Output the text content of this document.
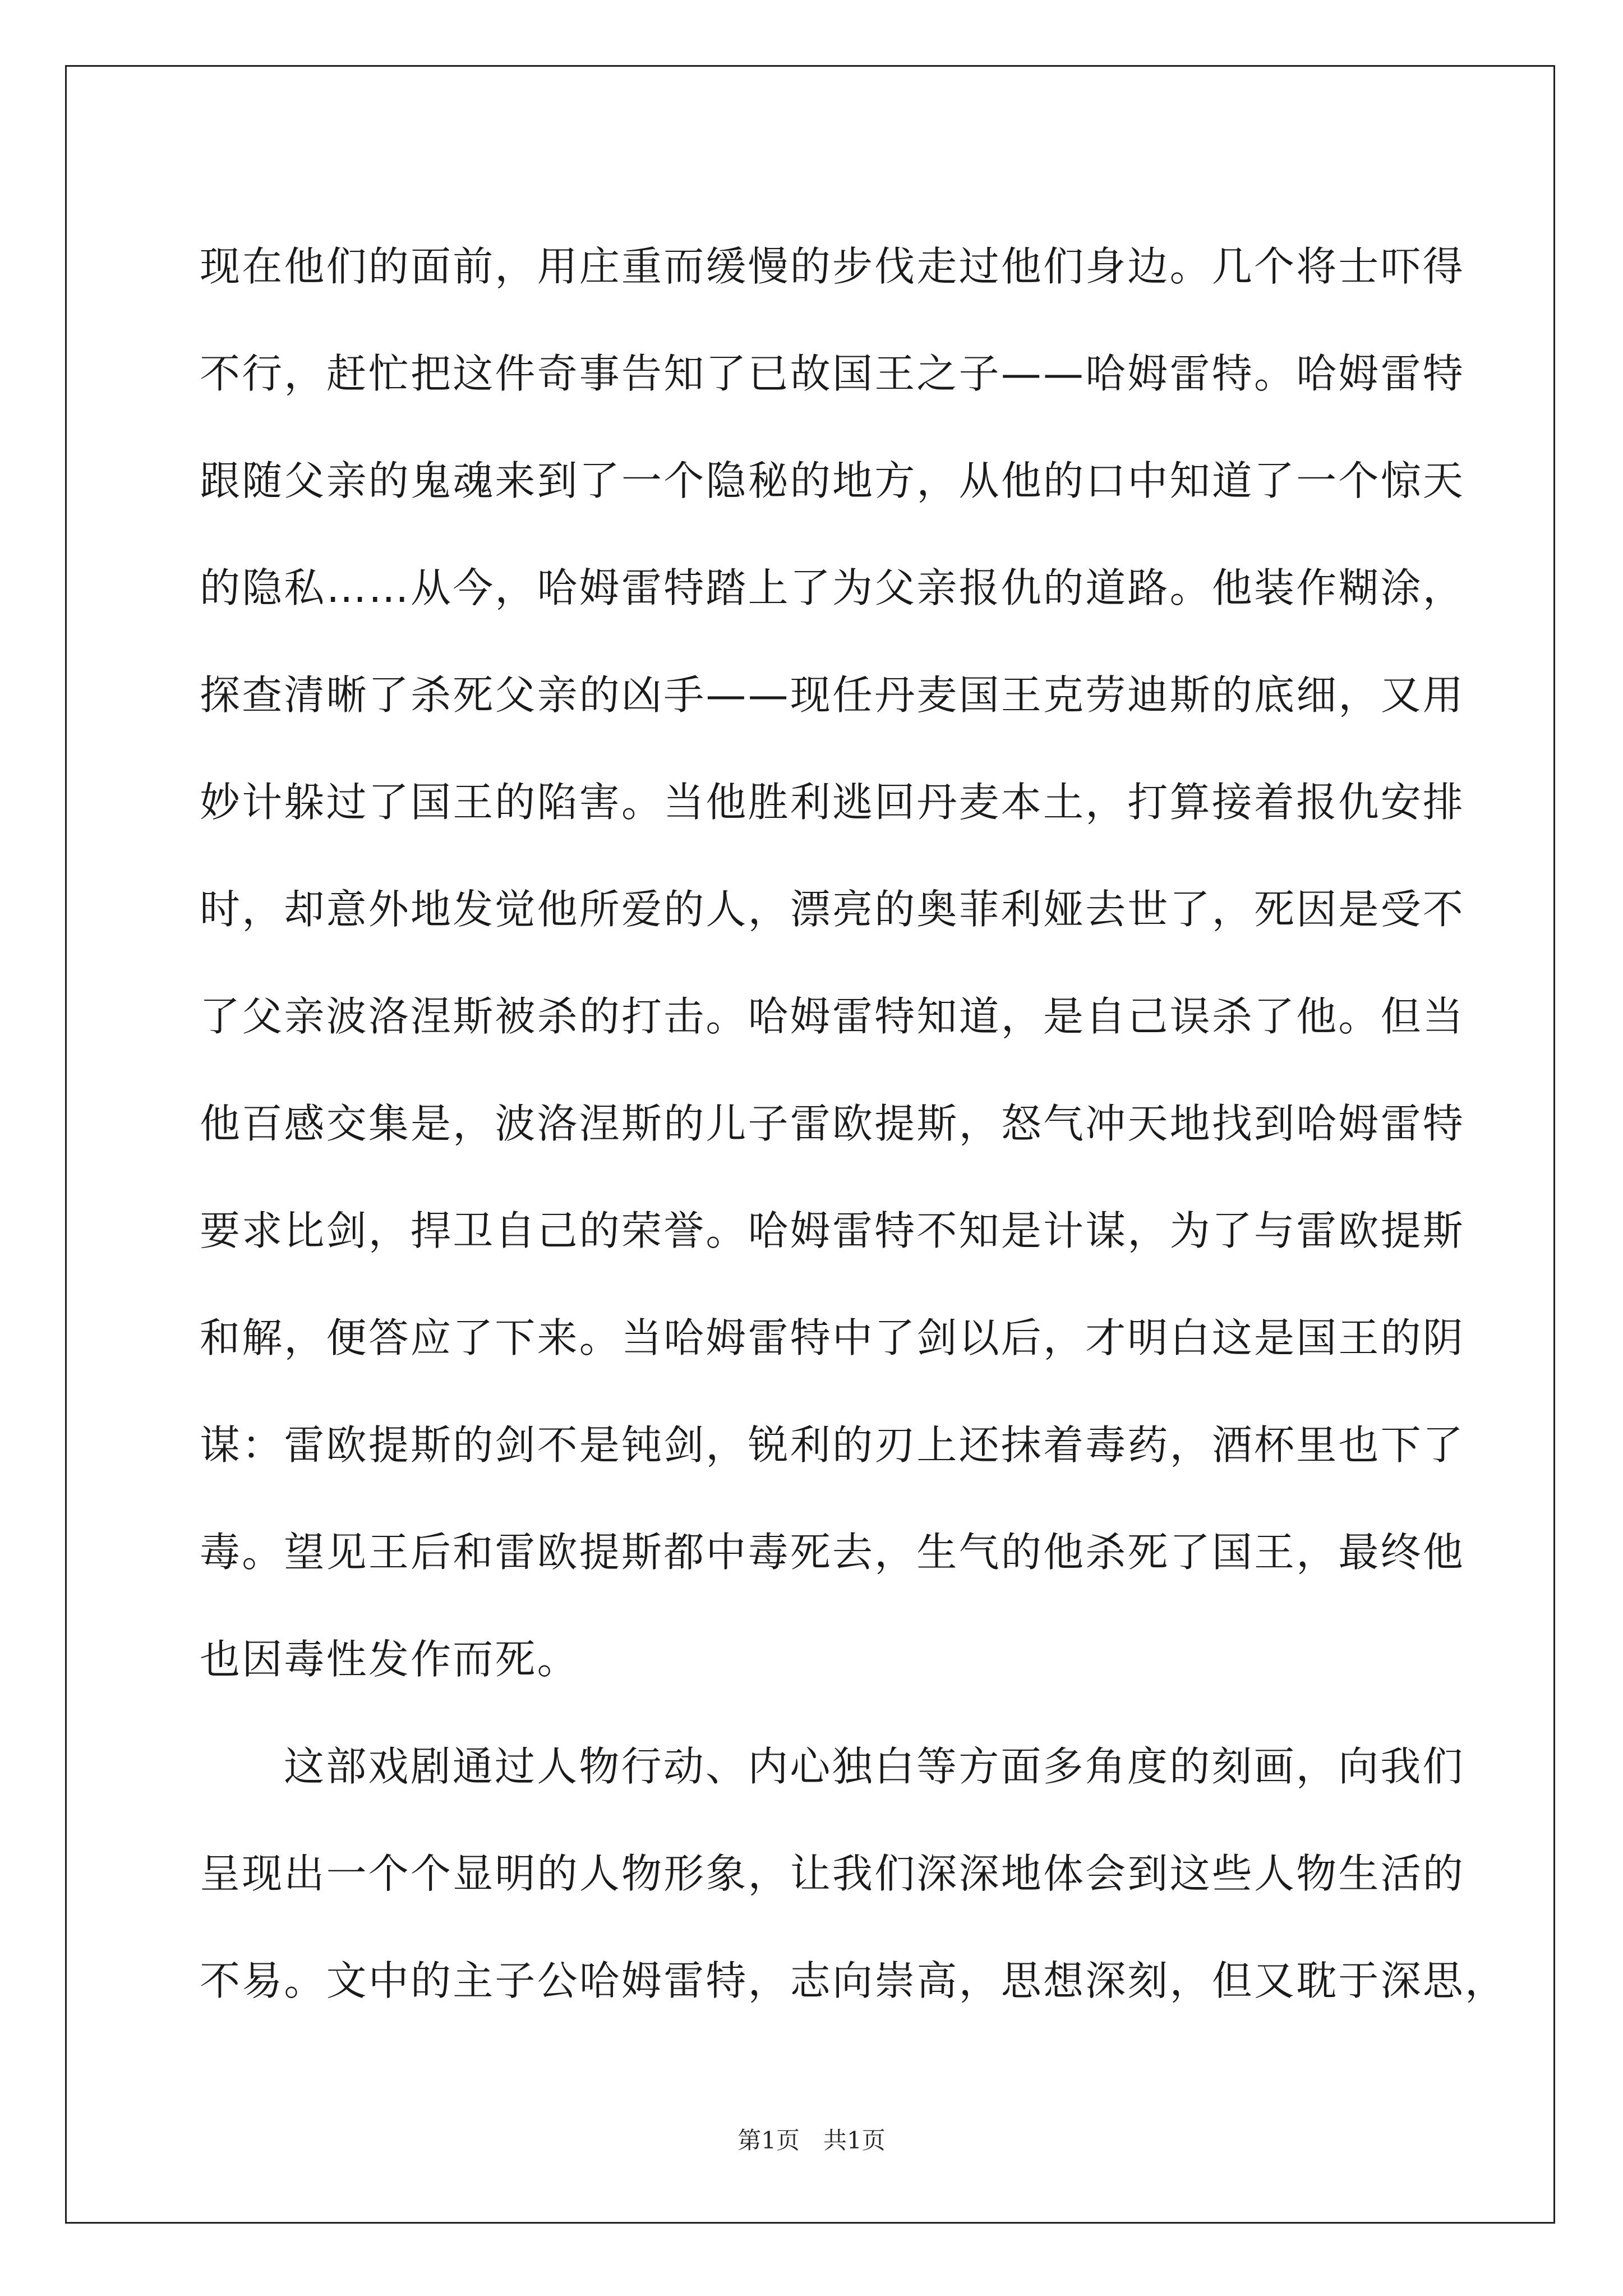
现在他们的面前，用庄重而缓慢的步伐走过他们身边。几个将士吓得
不行，赶忙把这件奇事告知了已故国王之子——哈姆雷特。哈姆雷特
跟随父亲的鬼魂来到了一个隐秘的地方，从他的口中知道了一个惊天
的隐私……从今，哈姆雷特踏上了为父亲报仇的道路。他装作糊涂，
探查清晰了杀死父亲的凶手——现任丹麦国王克劳迪斯的底细，又用
妙计躲过了国王的陷害。当他胜利逃回丹麦本土，打算接着报仇安排
时，却意外地发觉他所爱的人，漂亮的奥菲利娅去世了，死因是受不
了父亲波洛涅斯被杀的打击。哈姆雷特知道，是自己误杀了他。但当
他百感交集是，波洛涅斯的儿子雷欧提斯，怒气冲天地找到哈姆雷特
要求比剑，捍卫自己的荣誉。哈姆雷特不知是计谋，为了与雷欧提斯
和解，便答应了下来。当哈姆雷特中了剑以后，才明白这是国王的阴
谋：雷欧提斯的剑不是钝剑，锐利的刃上还抹着毒药，酒杯里也下了
毒。望见王后和雷欧提斯都中毒死去，生气的他杀死了国王，最终他
也因毒性发作而死。
这部戏剧通过人物行动、内心独白等方面多角度的刻画，向我们
呈现出一个个显明的人物形象，让我们深深地体会到这些人物生活的
不易。文中的主子公哈姆雷特，志向崇高，思想深刻，但又耽于深思，
第1页　共1页
